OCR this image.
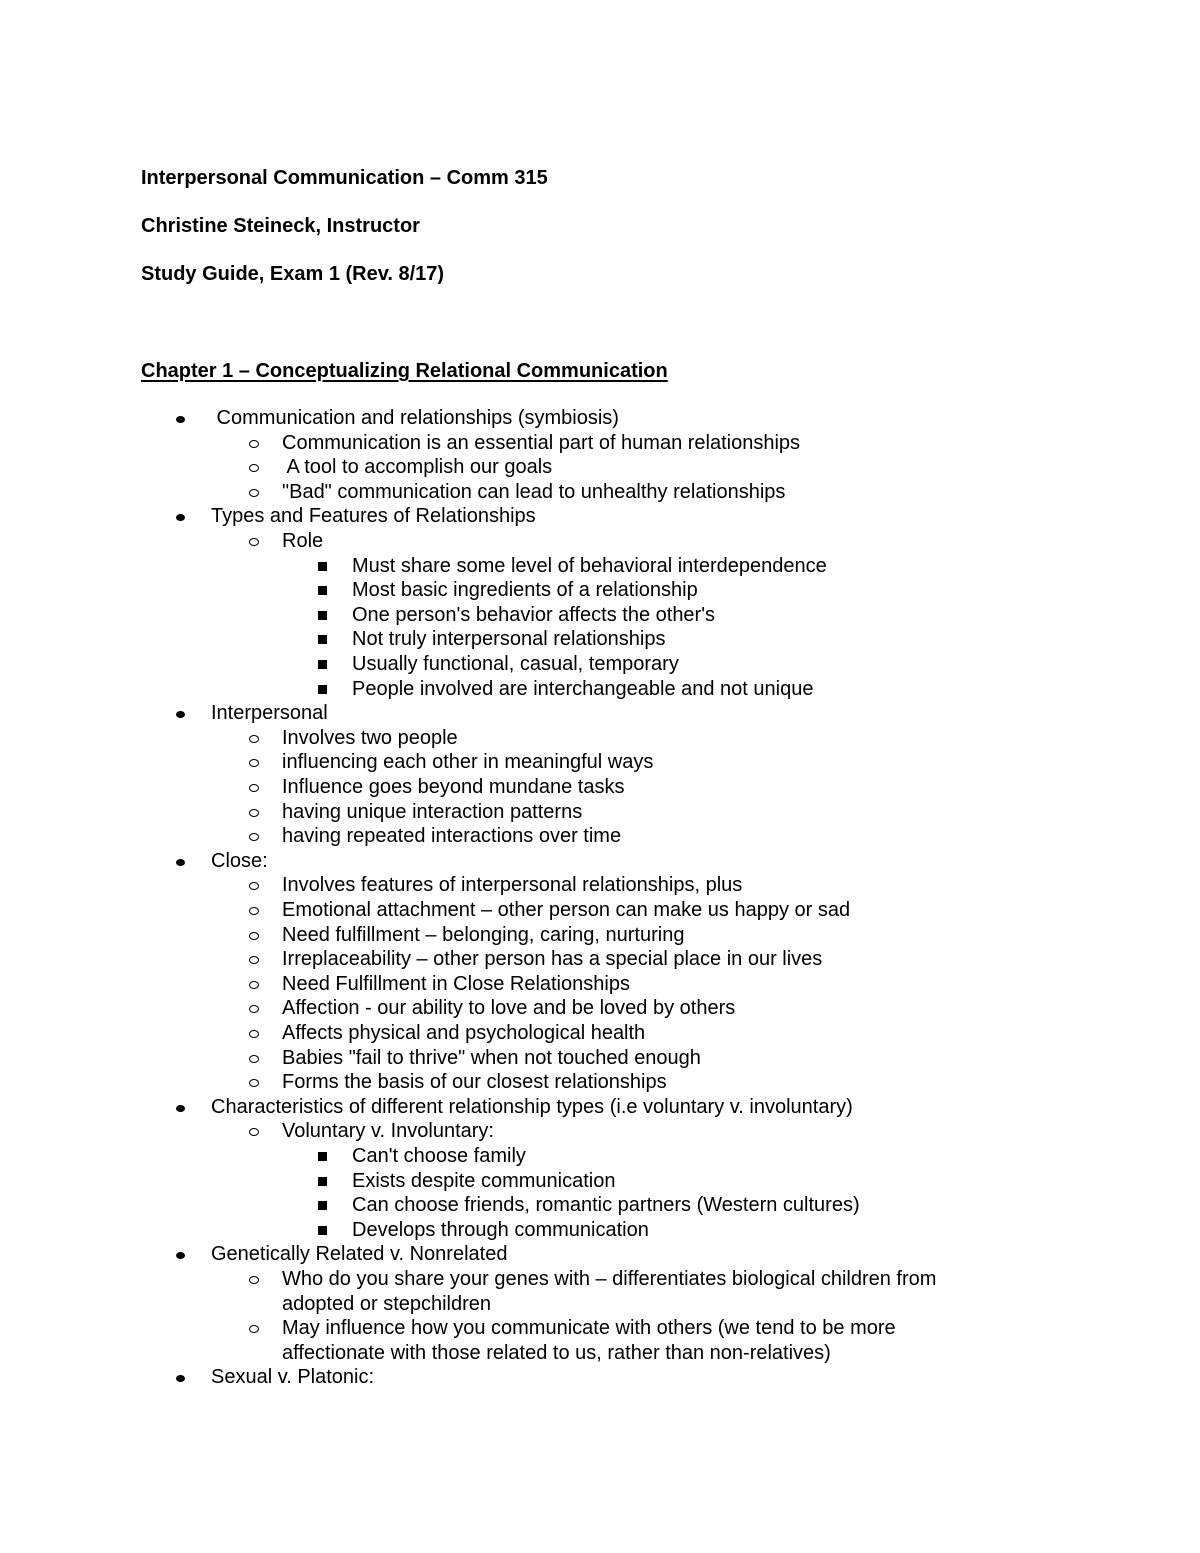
Interpersonal Communication – Comm 315
Christine Steineck, Instructor
Study Guide, Exam 1 (Rev. 8/17)
Chapter 1 – Conceptualizing Relational Communication
Communication and relationships (symbiosis)
Communication is an essential part of human relationships
A tool to accomplish our goals
"Bad" communication can lead to unhealthy relationships
Types and Features of Relationships
Role
Must share some level of behavioral interdependence
Most basic ingredients of a relationship
One person's behavior affects the other's
Not truly interpersonal relationships
Usually functional, casual, temporary
People involved are interchangeable and not unique
Interpersonal
Involves two people
influencing each other in meaningful ways
Influence goes beyond mundane tasks
having unique interaction patterns
having repeated interactions over time
Close:
Involves features of interpersonal relationships, plus
Emotional attachment – other person can make us happy or sad
Need fulfillment – belonging, caring, nurturing
Irreplaceability – other person has a special place in our lives
Need Fulfillment in Close Relationships
Affection - our ability to love and be loved by others
Affects physical and psychological health
Babies "fail to thrive" when not touched enough
Forms the basis of our closest relationships
Characteristics of different relationship types (i.e voluntary v. involuntary)
Voluntary v. Involuntary:
Can't choose family
Exists despite communication
Can choose friends, romantic partners (Western cultures)
Develops through communication
Genetically Related v. Nonrelated
Who do you share your genes with – differentiates biological children from
adopted or stepchildren
May influence how you communicate with others (we tend to be more
affectionate with those related to us, rather than non-relatives)
Sexual v. Platonic:
